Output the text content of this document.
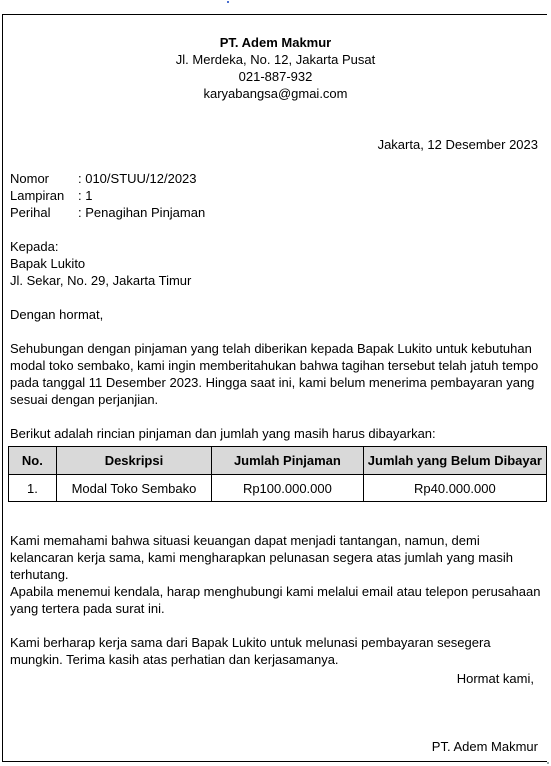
PT. Adem Makmur
Jl. Merdeka, No. 12, Jakarta Pusat
021-887-932
karyabangsa@gmai.com
Jakarta, 12 Desember 2023
Nomor	: 010/STUU/12/2023
Lampiran	: 1
Perihal	: Penagihan Pinjaman
Kepada:
Bapak Lukito
Jl. Sekar, No. 29, Jakarta Timur
Dengan hormat,
Sehubungan dengan pinjaman yang telah diberikan kepada Bapak Lukito untuk kebutuhan modal toko sembako, kami ingin memberitahukan bahwa tagihan tersebut telah jatuh tempo pada tanggal 11 Desember 2023. Hingga saat ini, kami belum menerima pembayaran yang sesuai dengan perjanjian.
Berikut adalah rincian pinjaman dan jumlah yang masih harus dibayarkan:
No.	Deskripsi	Jumlah Pinjaman	Jumlah yang Belum Dibayar
1.	Modal Toko Sembako	Rp100.000.000	Rp40.000.000
Kami memahami bahwa situasi keuangan dapat menjadi tantangan, namun, demi kelancaran kerja sama, kami mengharapkan pelunasan segera atas jumlah yang masih terhutang.
Apabila menemui kendala, harap menghubungi kami melalui email atau telepon perusahaan yang tertera pada surat ini.
Kami berharap kerja sama dari Bapak Lukito untuk melunasi pembayaran sesegera mungkin. Terima kasih atas perhatian dan kerjasamanya.
Hormat kami,
PT. Adem Makmur
